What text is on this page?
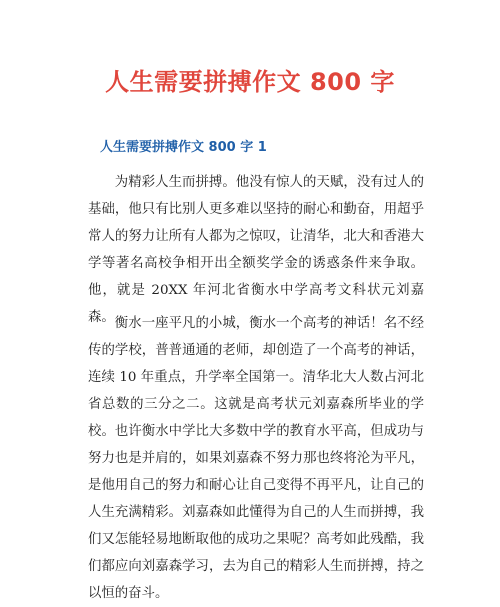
人生需要拼搏作文 800 字
人生需要拼搏作文 800 字 1

为精彩人生而拼搏。他没有惊人的天赋，没有过人的基础，他只有比别人更多难以坚持的耐心和勤奋，用超乎常人的努力让所有人都为之惊叹，让清华，北大和香港大学等著名高校争相开出全额奖学金的诱惑条件来争取。他，就是 20XX 年河北省衡水中学高考文科状元刘嘉森。 衡水一座平凡的小城，衡水一个高考的神话！名不经传的学校，普普通通的老师，却创造了一个高考的神话，连续 10 年重点，升学率全国第一。清华北大人数占河北省总数的三分之二。这就是高考状元刘嘉森所毕业的学校。也许衡水中学比大多数中学的教育水平高，但成功与努力也是并肩的，如果刘嘉森不努力那也终将沦为平凡，是他用自己的努力和耐心让自己变得不再平凡，让自己的人生充满精彩。刘嘉森如此懂得为自己的人生而拼搏，我们又怎能轻易地断取他的成功之果呢？高考如此残酷，我们都应向刘嘉森学习，去为自己的精彩人生而拼搏，持之以恒的奋斗。
